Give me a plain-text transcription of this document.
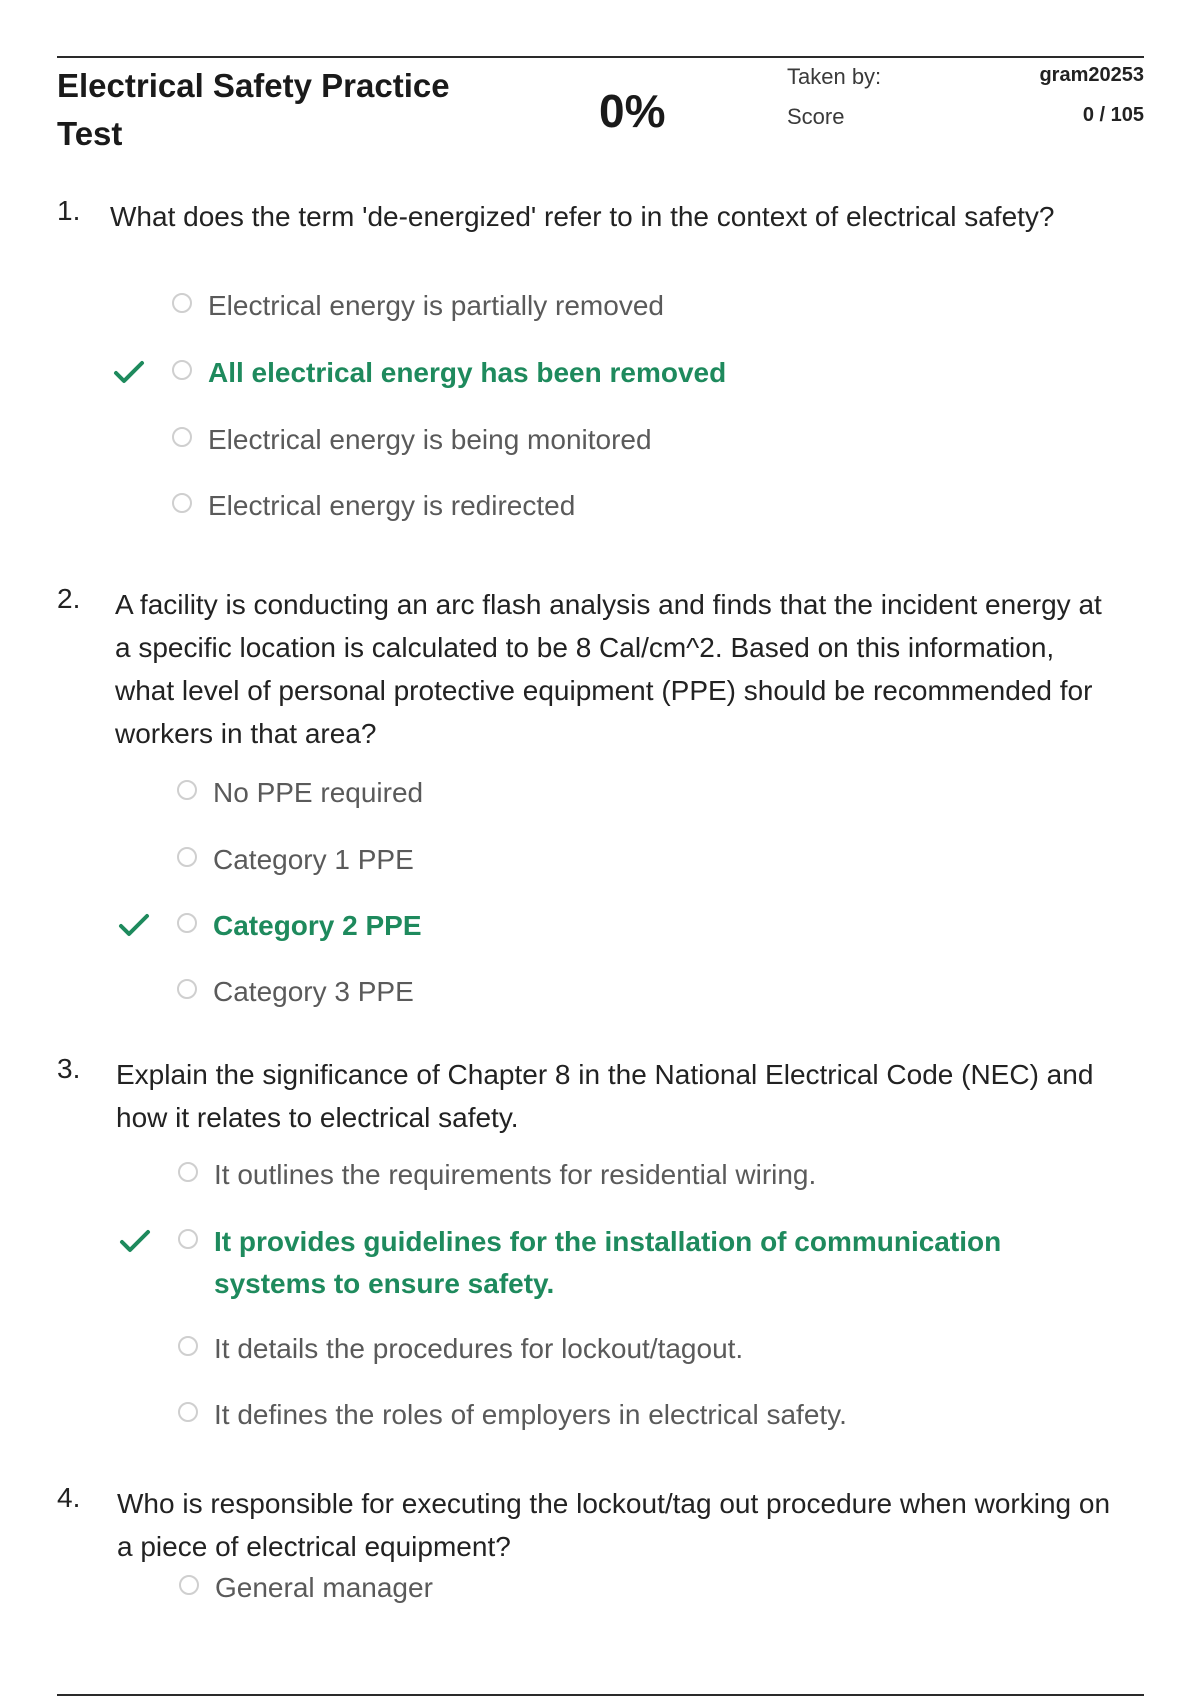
Electrical Safety Practice Test	0%
Taken by:	gram20253
Score	0 / 105
1. What does the term 'de-energized' refer to in the context of electrical safety?
Electrical energy is partially removed
All electrical energy has been removed
Electrical energy is being monitored
Electrical energy is redirected
2. A facility is conducting an arc flash analysis and finds that the incident energy at a specific location is calculated to be 8 Cal/cm^2. Based on this information, what level of personal protective equipment (PPE) should be recommended for workers in that area?
No PPE required
Category 1 PPE
Category 2 PPE
Category 3 PPE
3. Explain the significance of Chapter 8 in the National Electrical Code (NEC) and how it relates to electrical safety.
It outlines the requirements for residential wiring.
It provides guidelines for the installation of communication systems to ensure safety.
It details the procedures for lockout/tagout.
It defines the roles of employers in electrical safety.
4. Who is responsible for executing the lockout/tag out procedure when working on a piece of electrical equipment?
General manager
